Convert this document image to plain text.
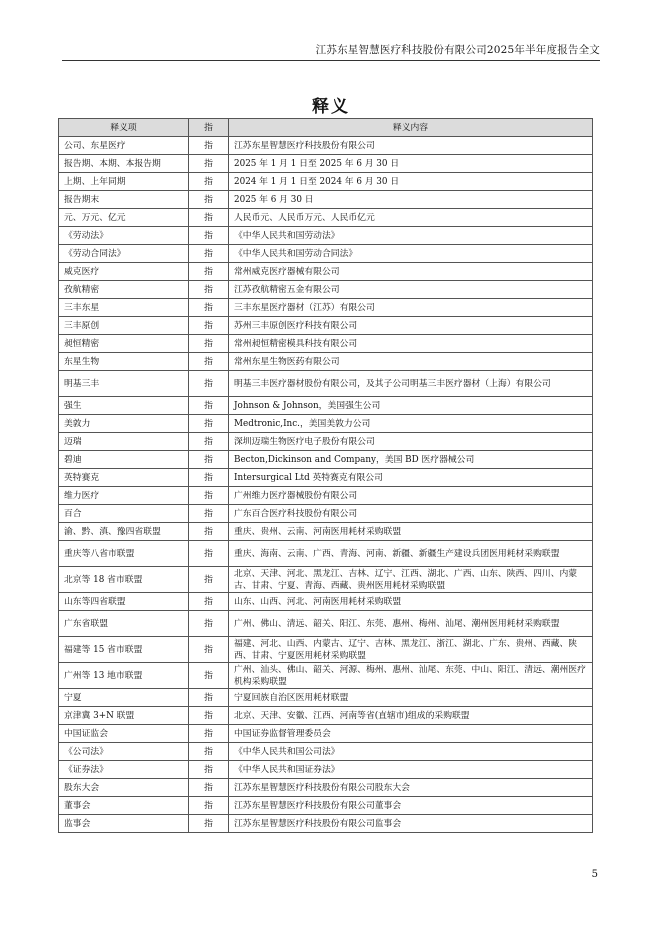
江苏东星智慧医疗科技股份有限公司2025年半年度报告全文
释义
释义项	指	释义内容
公司、东星医疗	指	江苏东星智慧医疗科技股份有限公司
报告期、本期、本报告期	指	2025 年 1 月 1 日至 2025 年 6 月 30 日
上期、上年同期	指	2024 年 1 月 1 日至 2024 年 6 月 30 日
报告期末	指	2025 年 6 月 30 日
元、万元、亿元	指	人民币元、人民币万元、人民币亿元
《劳动法》	指	《中华人民共和国劳动法》
《劳动合同法》	指	《中华人民共和国劳动合同法》
威克医疗	指	常州威克医疗器械有限公司
孜航精密	指	江苏孜航精密五金有限公司
三丰东星	指	三丰东星医疗器材（江苏）有限公司
三丰原创	指	苏州三丰原创医疗科技有限公司
昶恒精密	指	常州昶恒精密模具科技有限公司
东星生物	指	常州东星生物医药有限公司
明基三丰	指	明基三丰医疗器材股份有限公司，及其子公司明基三丰医疗器材（上海）有限公司
强生	指	Johnson & Johnson，美国强生公司
美敦力	指	Medtronic,Inc.，美国美敦力公司
迈瑞	指	深圳迈瑞生物医疗电子股份有限公司
碧迪	指	Becton,Dickinson and Company，美国 BD 医疗器械公司
英特赛克	指	Intersurgical Ltd 英特赛克有限公司
维力医疗	指	广州维力医疗器械股份有限公司
百合	指	广东百合医疗科技股份有限公司
渝、黔、滇、豫四省联盟	指	重庆、贵州、云南、河南医用耗材采购联盟
重庆等八省市联盟	指	重庆、海南、云南、广西、青海、河南、新疆、新疆生产建设兵团医用耗材采购联盟
北京等 18 省市联盟	指	北京、天津、河北、黑龙江、吉林、辽宁、江西、湖北、广西、山东、陕西、四川、内蒙古、甘肃、宁夏、青海、西藏、贵州医用耗材采购联盟
山东等四省联盟	指	山东、山西、河北、河南医用耗材采购联盟
广东省联盟	指	广州、佛山、清远、韶关、阳江、东莞、惠州、梅州、汕尾、潮州医用耗材采购联盟
福建等 15 省市联盟	指	福建、河北、山西、内蒙古、辽宁、吉林、黑龙江、浙江、湖北、广东、贵州、西藏、陕西、甘肃、宁夏医用耗材采购联盟
广州等 13 地市联盟	指	广州、汕头、佛山、韶关、河源、梅州、惠州、汕尾、东莞、中山、阳江、清远、潮州医疗机构采购联盟
宁夏	指	宁夏回族自治区医用耗材联盟
京津冀 3+N 联盟	指	北京、天津、安徽、江西、河南等省(直辖市)组成的采购联盟
中国证监会	指	中国证券监督管理委员会
《公司法》	指	《中华人民共和国公司法》
《证券法》	指	《中华人民共和国证券法》
股东大会	指	江苏东星智慧医疗科技股份有限公司股东大会
董事会	指	江苏东星智慧医疗科技股份有限公司董事会
监事会	指	江苏东星智慧医疗科技股份有限公司监事会
5
